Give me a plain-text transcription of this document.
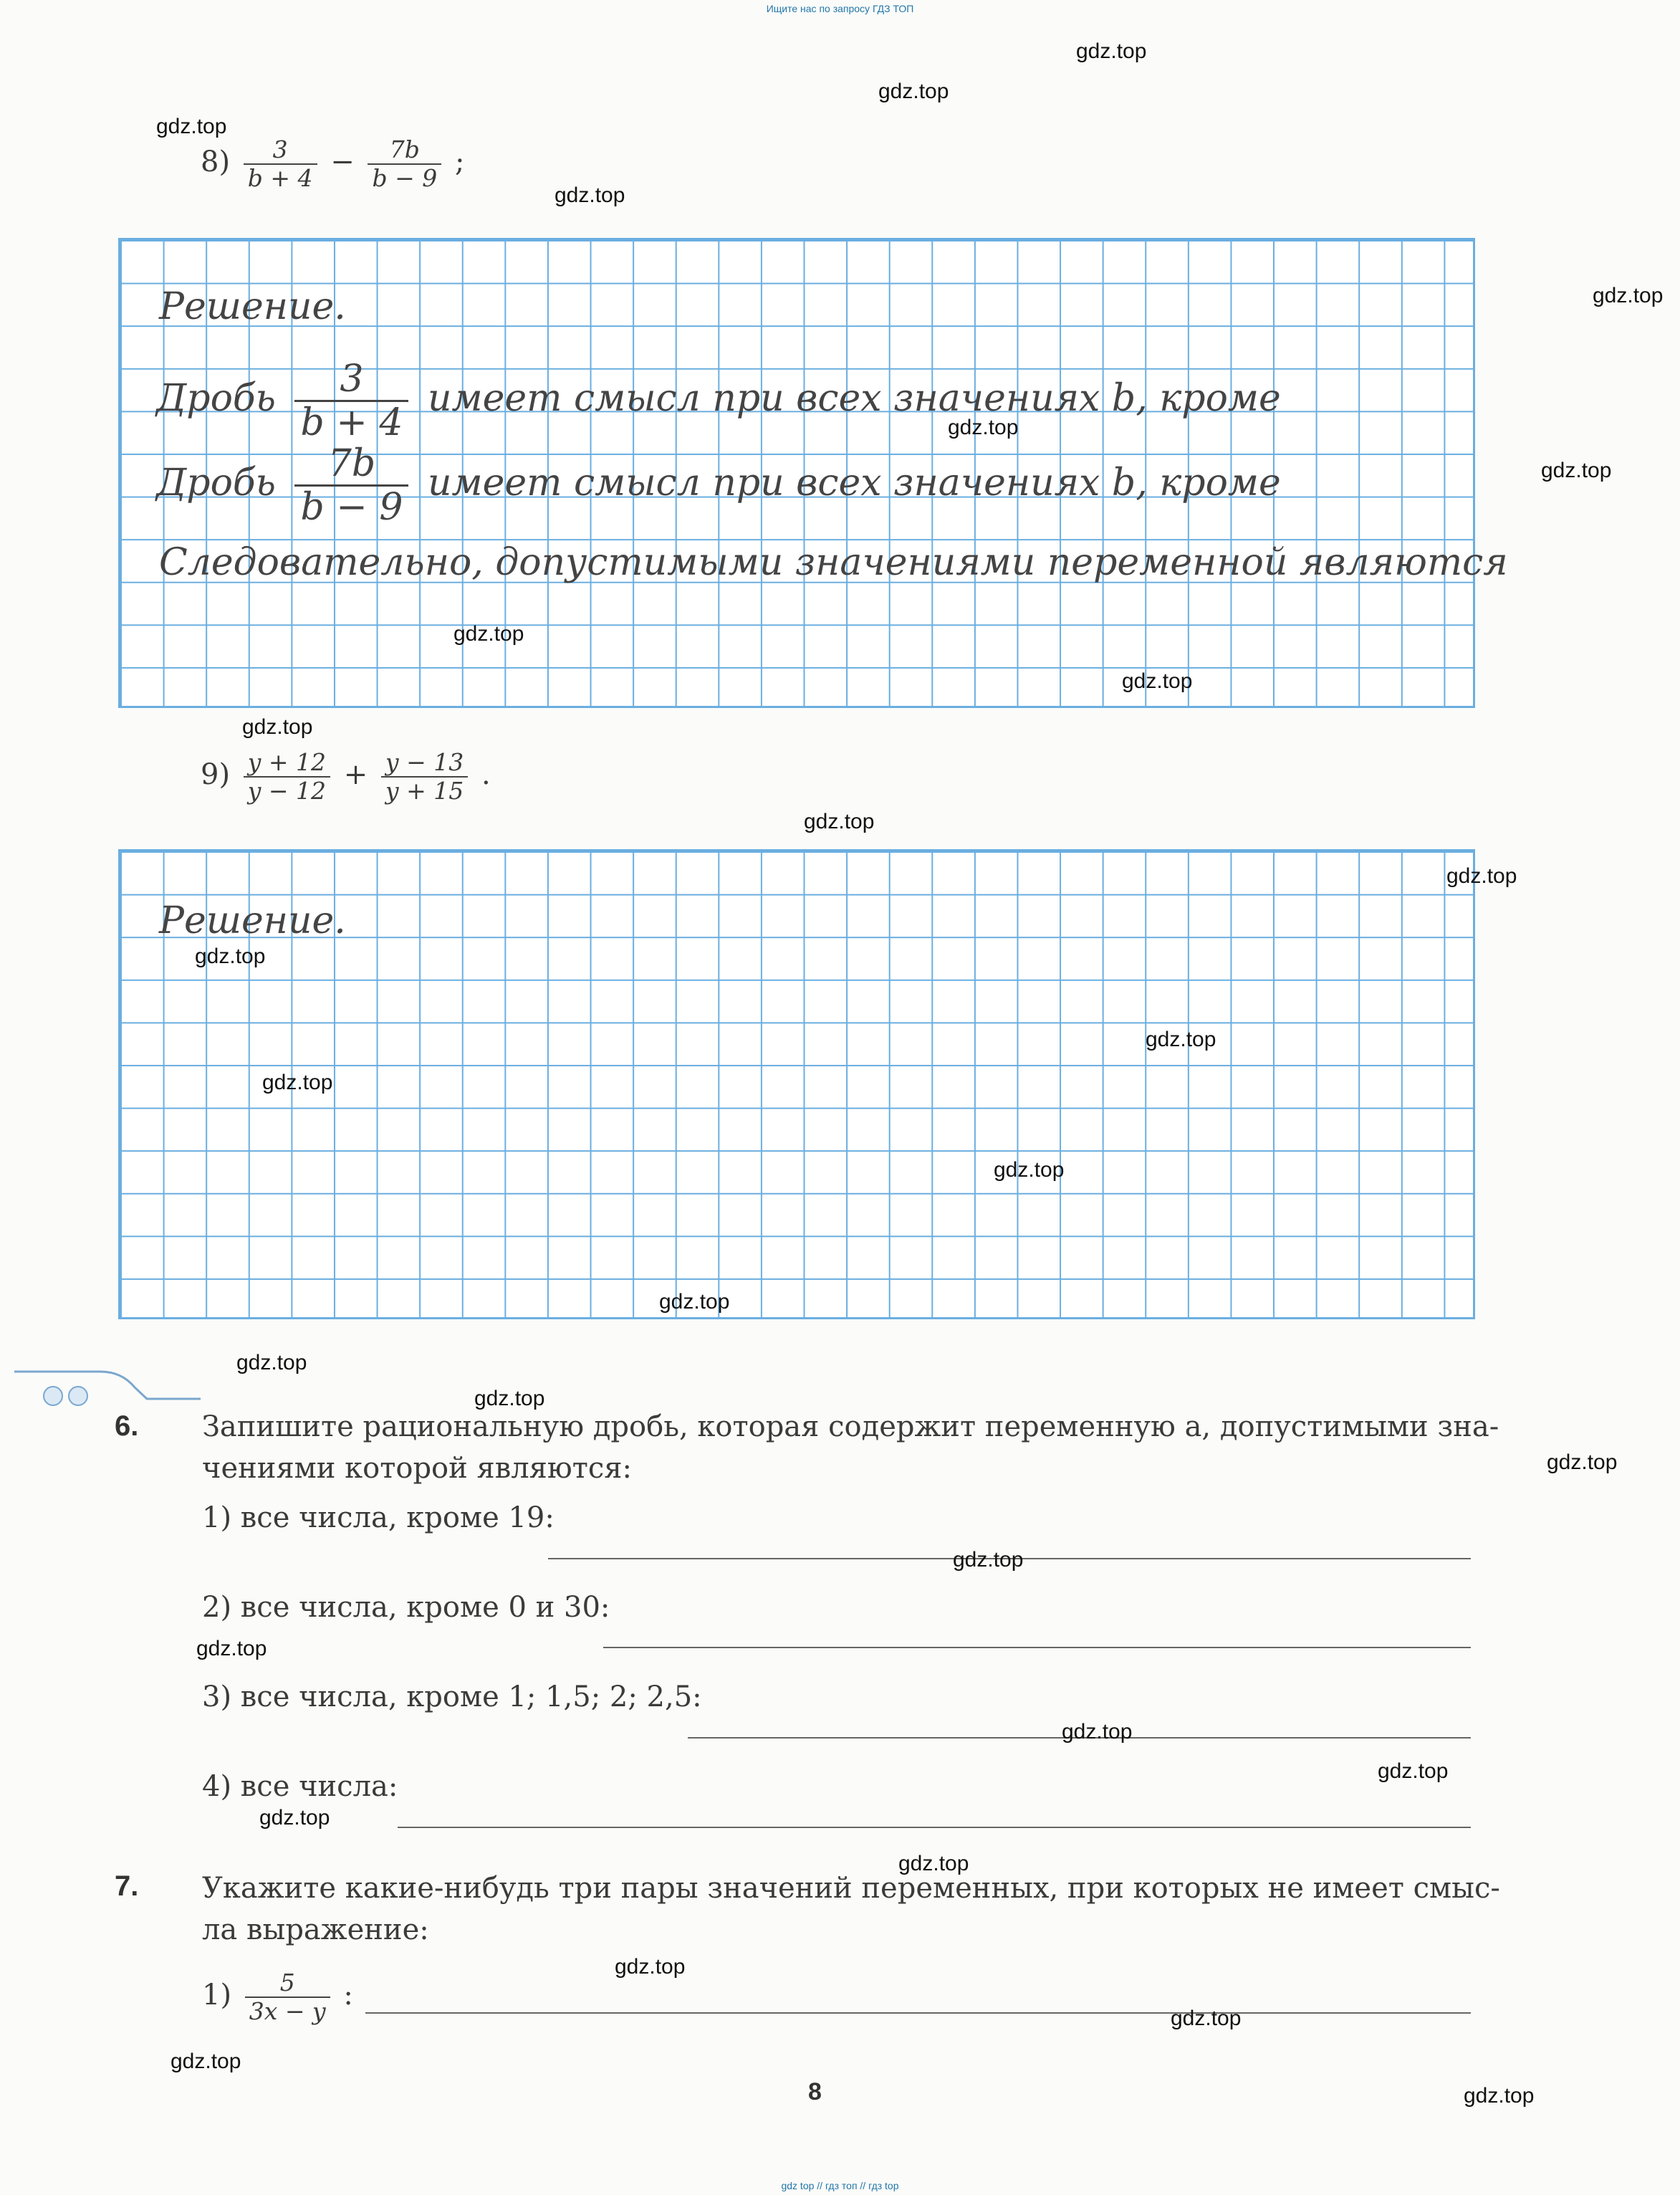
Ищите нас по запросу ГДЗ ТОП
gdz top // гдз топ // гдз top
$8) \frac{3}{b + 4} - \frac{7b}{b - 9}$ ;
Решение.
Дробь $\frac{3}{b + 4}$ имеет смысл при всех значениях b, кроме
Дробь $\frac{7b}{b - 9}$ имеет смысл при всех значениях b, кроме
Следовательно, допустимыми значениями переменной являются
$9) \frac{y + 12}{y - 12} + \frac{y - 13}{y + 15}$ .
Решение.
6. Запишите рациональную дробь, которая содержит переменную a, допустимыми зна-
чениями которой являются:
1) все числа, кроме 19:
2) все числа, кроме 0 и 30:
3) все числа, кроме 1; 1,5; 2; 2,5:
4) все числа:
7. Укажите какие-нибудь три пары значений переменных, при которых не имеет смыс-
ла выражение:
$1) \frac{5}{3x - y}$ :
8
gdz.top
gdz.top
gdz.top
gdz.top
gdz.top
gdz.top
gdz.top
gdz.top
gdz.top
gdz.top
gdz.top
gdz.top
gdz.top
gdz.top
gdz.top
gdz.top
gdz.top
gdz.top
gdz.top
gdz.top
gdz.top
gdz.top
gdz.top
gdz.top
gdz.top
gdz.top
gdz.top
gdz.top
gdz.top
gdz.top
